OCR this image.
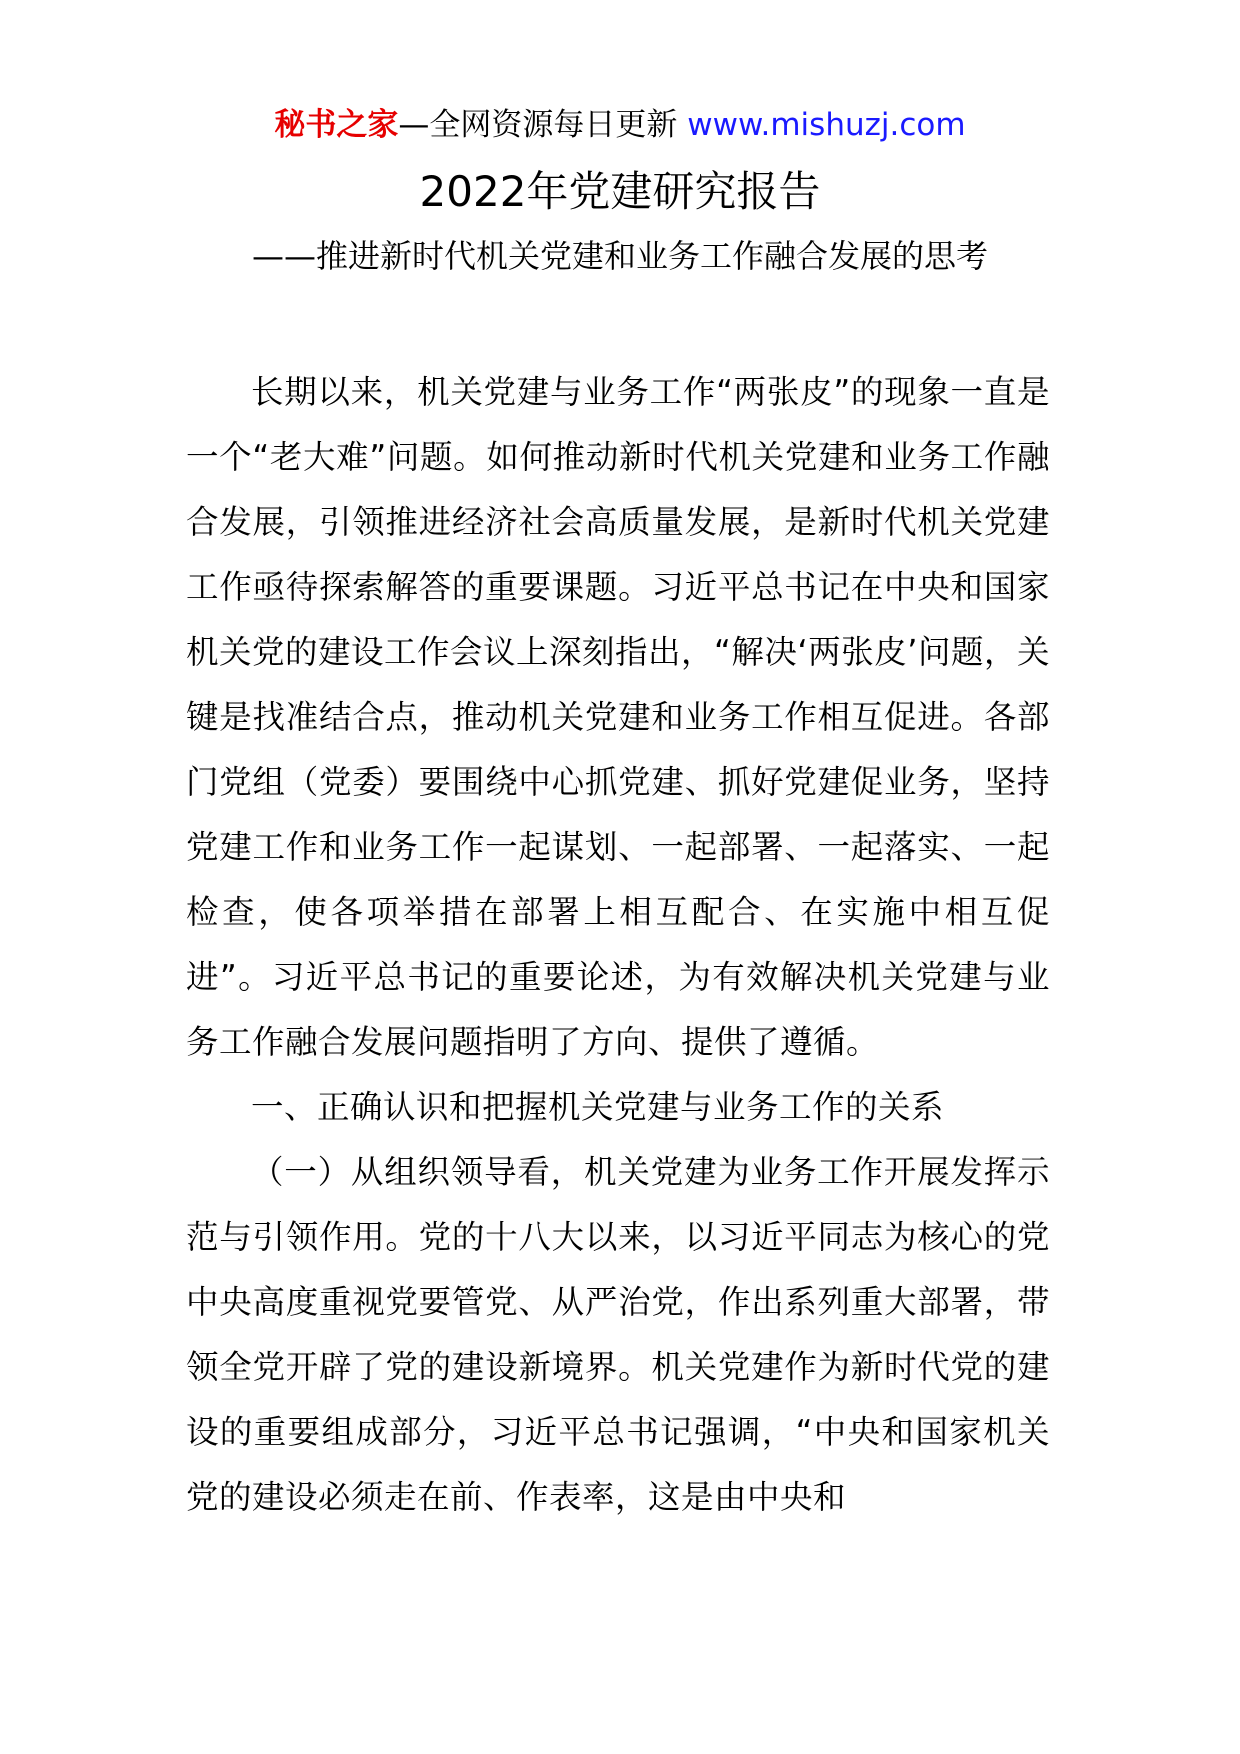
秘书之家—全网资源每日更新 www.mishuzj.com
2022年党建研究报告
——推进新时代机关党建和业务工作融合发展的思考

长期以来，机关党建与业务工作“两张皮”的现象一直是一个“老大难”问题。如何推动新时代机关党建和业务工作融合发展，引领推进经济社会高质量发展，是新时代机关党建工作亟待探索解答的重要课题。习近平总书记在中央和国家机关党的建设工作会议上深刻指出，“解决‘两张皮’问题，关键是找准结合点，推动机关党建和业务工作相互促进。各部门党组（党委）要围绕中心抓党建、抓好党建促业务，坚持党建工作和业务工作一起谋划、一起部署、一起落实、一起检查，使各项举措在部署上相互配合、在实施中相互促进”。习近平总书记的重要论述，为有效解决机关党建与业务工作融合发展问题指明了方向、提供了遵循。

一、正确认识和把握机关党建与业务工作的关系

（一）从组织领导看，机关党建为业务工作开展发挥示范与引领作用。党的十八大以来，以习近平同志为核心的党中央高度重视党要管党、从严治党，作出系列重大部署，带领全党开辟了党的建设新境界。机关党建作为新时代党的建设的重要组成部分，习近平总书记强调，“中央和国家机关党的建设必须走在前、作表率，这是由中央和
